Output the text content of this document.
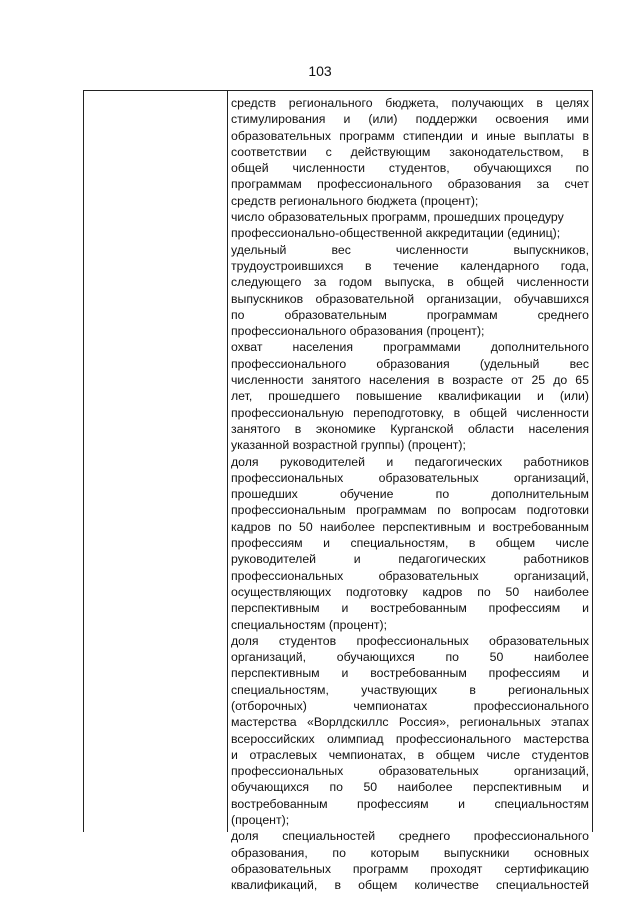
103
средств регионального бюджета, получающих в целях
стимулирования и (или) поддержки освоения ими
образовательных программ стипендии и иные выплаты в
соответствии с действующим законодательством, в
общей численности студентов, обучающихся по
программам профессионального образования за счет
средств регионального бюджета (процент);
число образовательных программ, прошедших процедуру
профессионально-общественной аккредитации (единиц);
удельный вес численности выпускников,
трудоустроившихся в течение календарного года,
следующего за годом выпуска, в общей численности
выпускников образовательной организации, обучавшихся
по образовательным программам среднего
профессионального образования (процент);
охват населения программами дополнительного
профессионального образования (удельный вес
численности занятого населения в возрасте от 25 до 65
лет, прошедшего повышение квалификации и (или)
профессиональную переподготовку, в общей численности
занятого в экономике Курганской области населения
указанной возрастной группы) (процент);
доля руководителей и педагогических работников
профессиональных образовательных организаций,
прошедших обучение по дополнительным
профессиональным программам по вопросам подготовки
кадров по 50 наиболее перспективным и востребованным
профессиям и специальностям, в общем числе
руководителей и педагогических работников
профессиональных образовательных организаций,
осуществляющих подготовку кадров по 50 наиболее
перспективным и востребованным профессиям и
специальностям (процент);
доля студентов профессиональных образовательных
организаций, обучающихся по 50 наиболее
перспективным и востребованным профессиям и
специальностям, участвующих в региональных
(отборочных) чемпионатах профессионального
мастерства «Ворлдскиллс Россия», региональных этапах
всероссийских олимпиад профессионального мастерства
и отраслевых чемпионатах, в общем числе студентов
профессиональных образовательных организаций,
обучающихся по 50 наиболее перспективным и
востребованным профессиям и специальностям
(процент);
доля специальностей среднего профессионального
образования, по которым выпускники основных
образовательных программ проходят сертификацию
квалификаций, в общем количестве специальностей
